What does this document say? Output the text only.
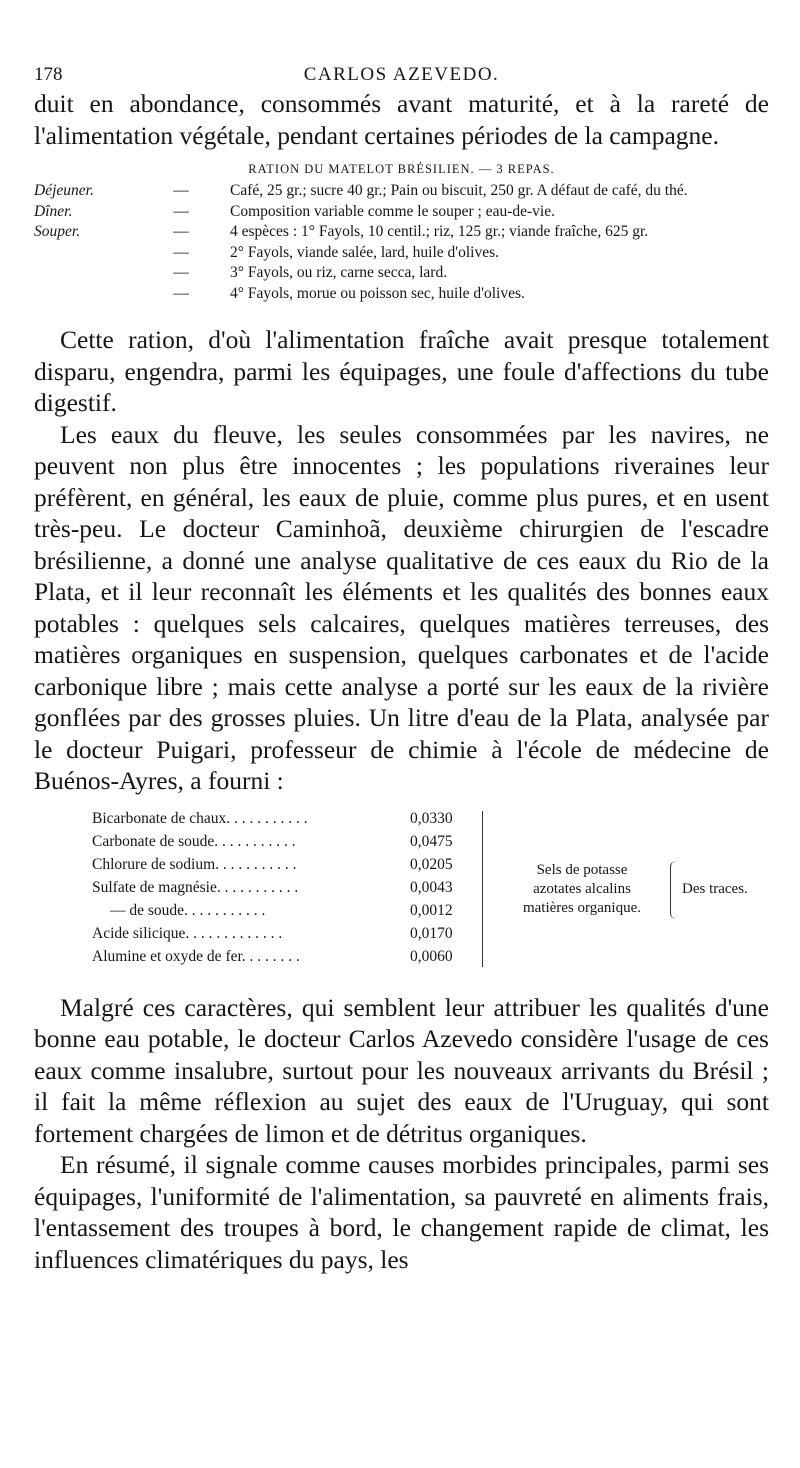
178	CARLOS AZEVEDO.

duit en abondance, consommés avant maturité, et à la rareté de l'alimentation végétale, pendant certaines périodes de la campagne.

RATION DU MATELOT BRÉSILIEN. — 3 REPAS.
Déjeuner.	—	Café, 25 gr.; sucre 40 gr.; Pain ou biscuit, 250 gr. A défaut de café, du thé.
Dîner.	—	Composition variable comme le souper ; eau-de-vie.
Souper.	—	4 espèces : 1° Fayols, 10 centil.; riz, 125 gr.; viande fraîche, 625 gr.
—	2° Fayols, viande salée, lard, huile d'olives.
—	3° Fayols, ou riz, carne secca, lard.
—	4° Fayols, morue ou poisson sec, huile d'olives.

Cette ration, d'où l'alimentation fraîche avait presque totalement disparu, engendra, parmi les équipages, une foule d'affections du tube digestif.

Les eaux du fleuve, les seules consommées par les navires, ne peuvent non plus être innocentes ; les populations riveraines leur préfèrent, en général, les eaux de pluie, comme plus pures, et en usent très-peu. Le docteur Caminhoã, deuxième chirurgien de l'escadre brésilienne, a donné une analyse qualitative de ces eaux du Rio de la Plata, et il leur reconnaît les éléments et les qualités des bonnes eaux potables : quelques sels calcaires, quelques matières terreuses, des matières organiques en suspension, quelques carbonates et de l'acide carbonique libre ; mais cette analyse a porté sur les eaux de la rivière gonflées par des grosses pluies. Un litre d'eau de la Plata, analysée par le docteur Puigari, professeur de chimie à l'école de médecine de Buénos-Ayres, a fourni :

Bicarbonate de chaux. . . . . . . . . . .	0,0330
Carbonate de soude. . . . . . . . . . .	0,0475
Chlorure de sodium. . . . . . . . . . .	0,0205
Sulfate de magnésie. . . . . . . . . . .	0,0043
— de soude. . . . . . . . . . .	0,0012
Acide silicique. . . . . . . . . . . . .	0,0170
Alumine et oxyde de fer. . . . . . . .	0,0060
Sels de potasse
azotates alcalins
matières organique.
Des traces.

Malgré ces caractères, qui semblent leur attribuer les qualités d'une bonne eau potable, le docteur Carlos Azevedo considère l'usage de ces eaux comme insalubre, surtout pour les nouveaux arrivants du Brésil ; il fait la même réflexion au sujet des eaux de l'Uruguay, qui sont fortement chargées de limon et de détritus organiques.

En résumé, il signale comme causes morbides principales, parmi ses équipages, l'uniformité de l'alimentation, sa pauvreté en aliments frais, l'entassement des troupes à bord, le changement rapide de climat, les influences climatériques du pays, les
